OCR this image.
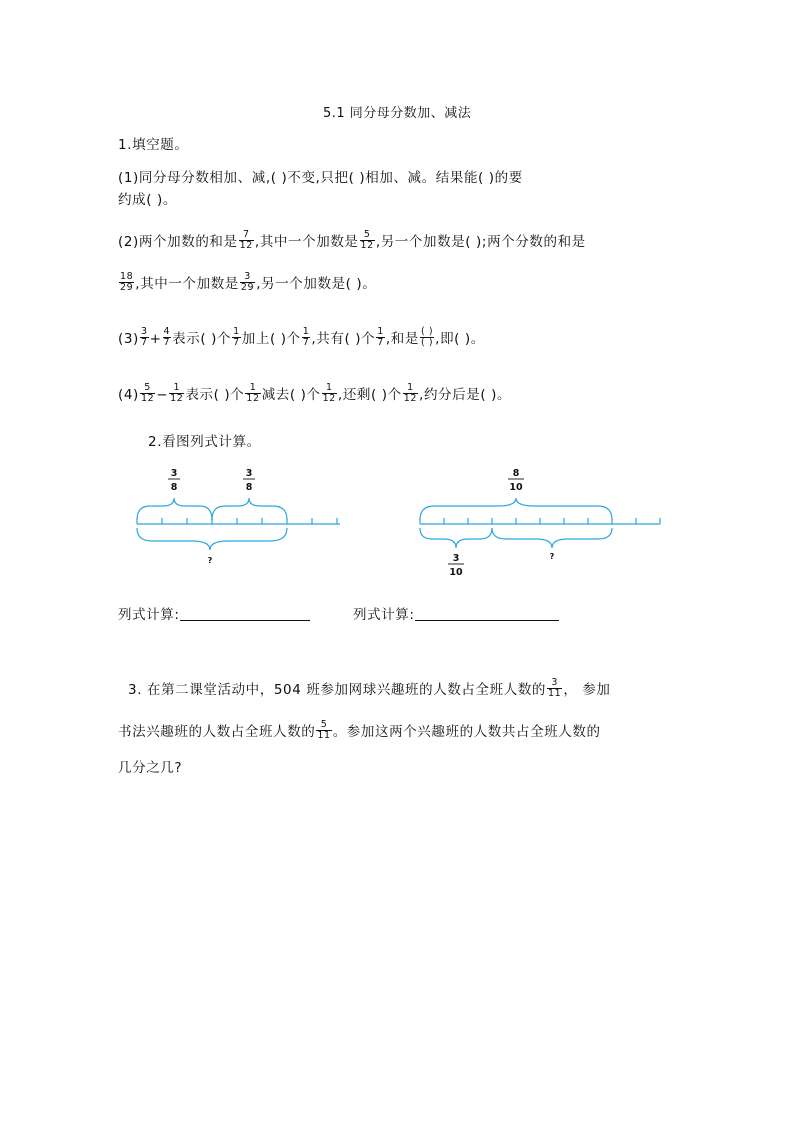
5.1 同分母分数加、减法
1.填空题。
(1)同分母分数相加、减,( )不变,只把( )相加、减。结果能( )的要
约成( )。
(2)两个加数的和是 $\frac{7}{12}$ ,其中一个加数是 $\frac{5}{12}$ ,另一个加数是( );两个分数的和是
$\frac{18}{29}$ ,其中一个加数是 $\frac{3}{29}$ ,另一个加数是( )。
$(3) \frac{3}{7} + \frac{4}{7}$ 表示( )个 $\frac{1}{7}$ 加上( )个 $\frac{1}{7}$ ,共有( )个 $\frac{1}{7}$ ,和是 $\frac{( )}{( )}$ ,即( )。
$(4) \frac{5}{12} - \frac{1}{12}$ 表示( )个 $\frac{1}{12}$ 减去( )个 $\frac{1}{12}$ ,还剩( )个 $\frac{1}{12}$ ,约分后是( )。
2.看图列式计算。
3
8
3
8
?
8
10
3
10
?
列式计算:	列式计算:
3. 在第二课堂活动中，504 班参加网球兴趣班的人数占全班人数的 $\frac{3}{11}$ ， 参加
书法兴趣班的人数占全班人数的 $\frac{5}{11}$ 。参加这两个兴趣班的人数共占全班人数的
几分之几?
